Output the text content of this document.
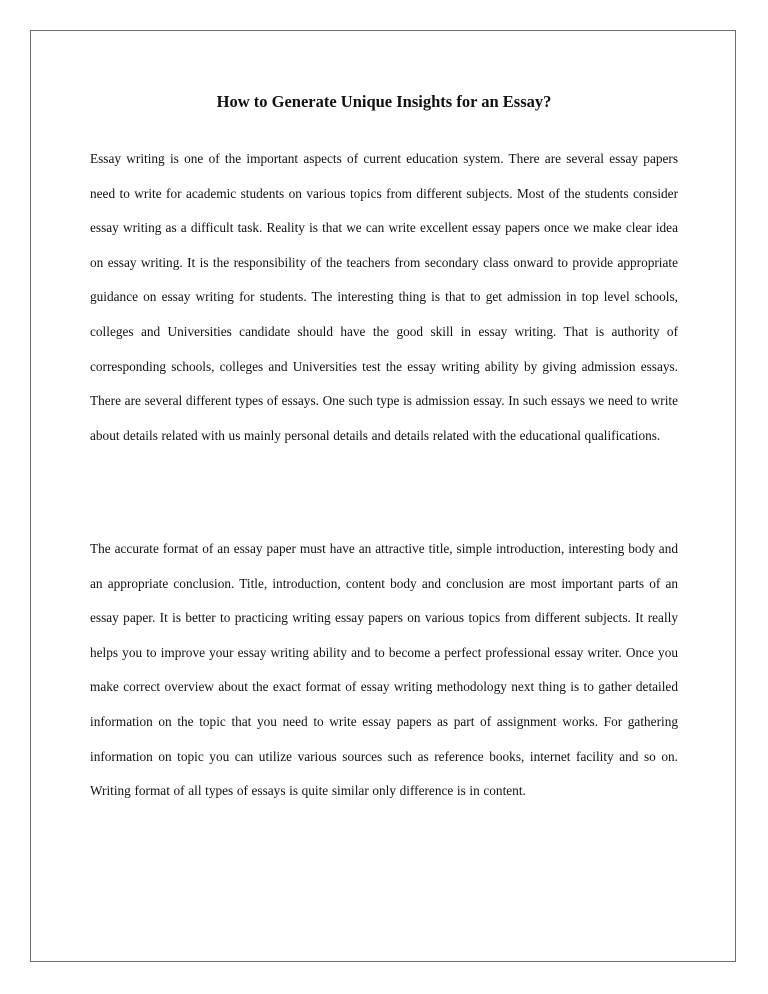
How to Generate Unique Insights for an Essay?

Essay writing is one of the important aspects of current education system. There are several essay papers need to write for academic students on various topics from different subjects. Most of the students consider essay writing as a difficult task. Reality is that we can write excellent essay papers once we make clear idea on essay writing. It is the responsibility of the teachers from secondary class onward to provide appropriate guidance on essay writing for students. The interesting thing is that to get admission in top level schools, colleges and Universities candidate should have the good skill in essay writing. That is authority of corresponding schools, colleges and Universities test the essay writing ability by giving admission essays. There are several different types of essays. One such type is admission essay. In such essays we need to write about details related with us mainly personal details and details related with the educational qualifications.

The accurate format of an essay paper must have an attractive title, simple introduction, interesting body and an appropriate conclusion. Title, introduction, content body and conclusion are most important parts of an essay paper. It is better to practicing writing essay papers on various topics from different subjects. It really helps you to improve your essay writing ability and to become a perfect professional essay writer. Once you make correct overview about the exact format of essay writing methodology next thing is to gather detailed information on the topic that you need to write essay papers as part of assignment works. For gathering information on topic you can utilize various sources such as reference books, internet facility and so on. Writing format of all types of essays is quite similar only difference is in content.
